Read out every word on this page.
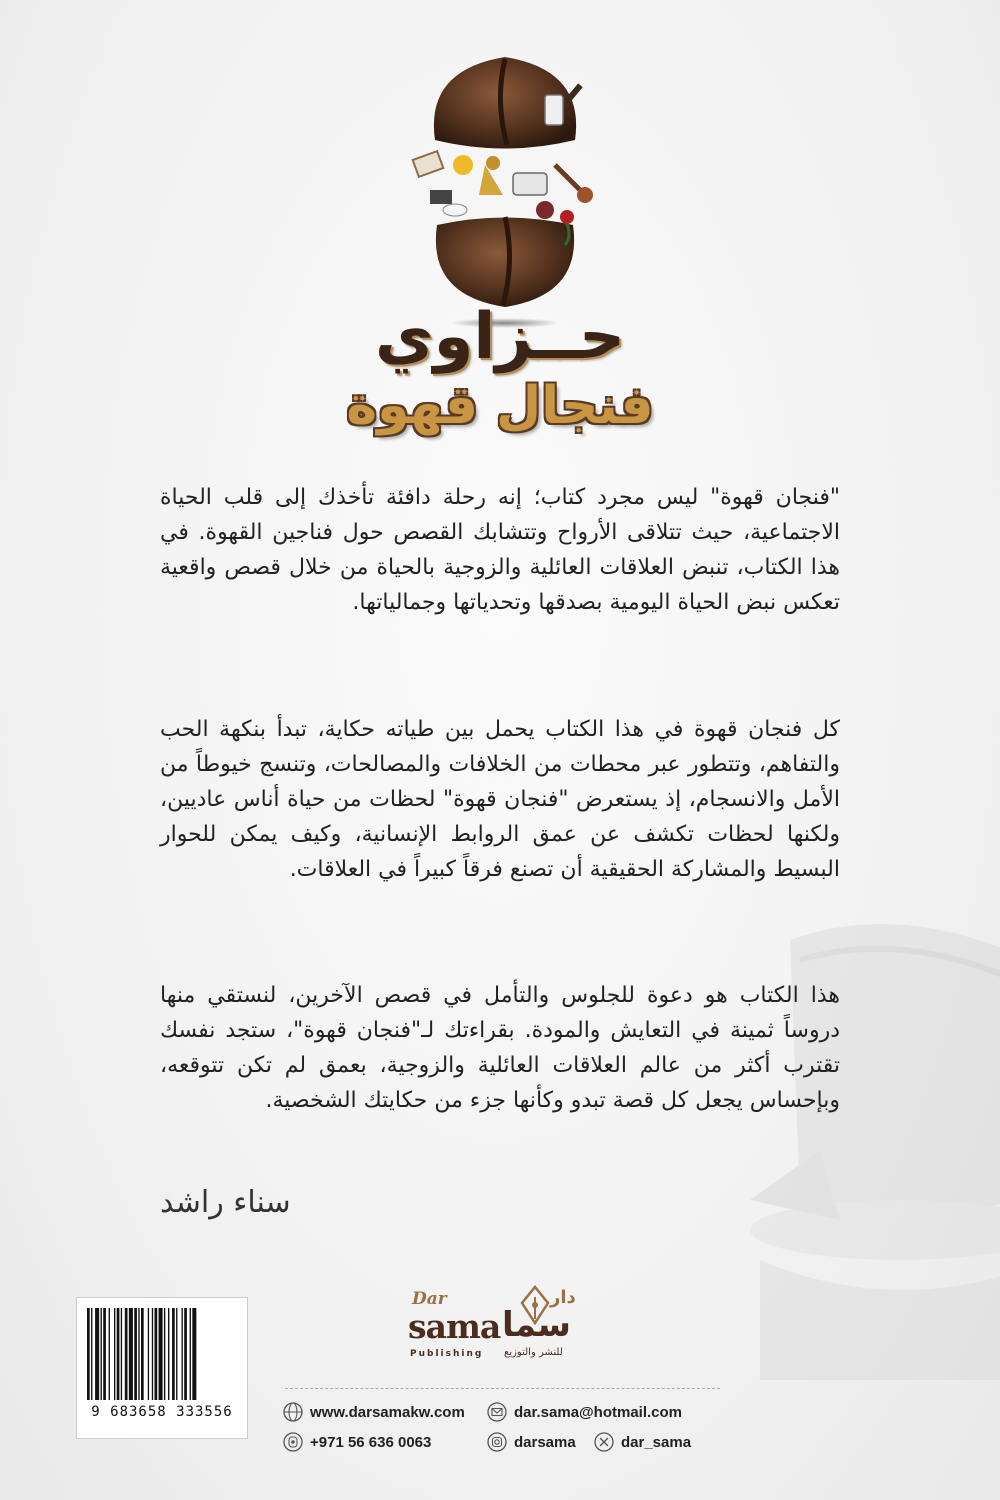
حــزاوي
فنجال قهوة

"فنجان قهوة" ليس مجرد كتاب؛ إنه رحلة دافئة تأخذك إلى قلب الحياة الاجتماعية، حيث تتلاقى الأرواح وتتشابك القصص حول فناجين القهوة. في هذا الكتاب، تنبض العلاقات العائلية والزوجية بالحياة من خلال قصص واقعية تعكس نبض الحياة اليومية بصدقها وتحدياتها وجمالياتها.

كل فنجان قهوة في هذا الكتاب يحمل بين طياته حكاية، تبدأ بنكهة الحب والتفاهم، وتتطور عبر محطات من الخلافات والمصالحات، وتنسج خيوطاً من الأمل والانسجام، إذ يستعرض "فنجان قهوة" لحظات من حياة أناس عاديين، ولكنها لحظات تكشف عن عمق الروابط الإنسانية، وكيف يمكن للحوار البسيط والمشاركة الحقيقية أن تصنع فرقاً كبيراً في العلاقات.

هذا الكتاب هو دعوة للجلوس والتأمل في قصص الآخرين، لنستقي منها دروساً ثمينة في التعايش والمودة. بقراءتك لـ"فنجان قهوة"، ستجد نفسك تقترب أكثر من عالم العلاقات العائلية والزوجية، بعمق لم تكن تتوقعه، وبإحساس يجعل كل قصة تبدو وكأنها جزء من حكايتك الشخصية.

سناء راشد
9 683658 333556
Dar	دار
sama سما
Publishing للنشر والتوزيع
www.darsamakw.com	dar.sama@hotmail.com
+971 56 636 0063	darsama	dar_sama
